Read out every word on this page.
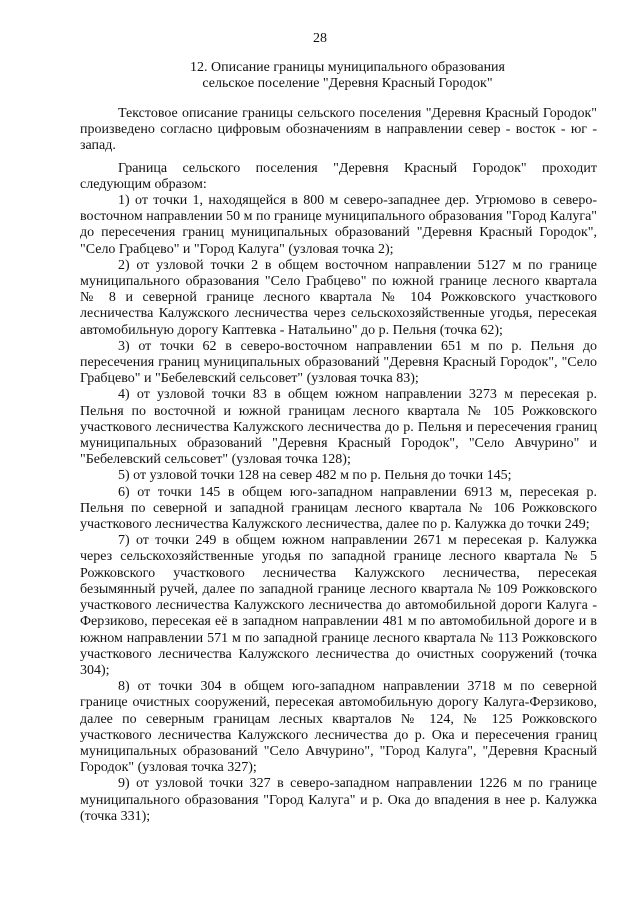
28
12. Описание границы муниципального образования
сельское поселение "Деревня Красный Городок"

Текстовое описание границы сельского поселения "Деревня Красный Городок" произведено согласно цифровым обозначениям в направлении север - восток - юг - запад.

Граница сельского поселения "Деревня Красный Городок" проходит следующим образом:

1) от точки 1, находящейся в 800 м северо-западнее дер. Угрюмово в северо-восточном направлении 50 м по границе муниципального образования "Город Калуга" до пересечения границ муниципальных образований "Деревня Красный Городок", "Село Грабцево" и "Город Калуга" (узловая точка 2);

2) от узловой точки 2 в общем восточном направлении 5127 м по границе муниципального образования "Село Грабцево" по южной границе лесного квартала № 8 и северной границе лесного квартала № 104 Рожковского участкового лесничества Калужского лесничества через сельскохозяйственные угодья, пересекая автомобильную дорогу Каптевка - Натальино" до р. Пельня (точка 62);

3) от точки 62 в северо-восточном направлении 651 м по р. Пельня до пересечения границ муниципальных образований "Деревня Красный Городок", "Село Грабцево" и "Бебелевский сельсовет" (узловая точка 83);

4) от узловой точки 83 в общем южном направлении 3273 м пересекая р. Пельня по восточной и южной границам лесного квартала № 105 Рожковского участкового лесничества Калужского лесничества до р. Пельня и пересечения границ муниципальных образований "Деревня Красный Городок", "Село Авчурино" и "Бебелевский сельсовет" (узловая точка 128);

5) от узловой точки 128 на север 482 м по р. Пельня до точки 145;

6) от точки 145 в общем юго-западном направлении 6913 м, пересекая р. Пельня по северной и западной границам лесного квартала № 106 Рожковского участкового лесничества Калужского лесничества, далее по р. Калужка до точки 249;

7) от точки 249 в общем южном направлении 2671 м пересекая р. Калужка через сельскохозяйственные угодья по западной границе лесного квартала № 5 Рожковского участкового лесничества Калужского лесничества, пересекая безымянный ручей, далее по западной границе лесного квартала № 109 Рожковского участкового лесничества Калужского лесничества до автомобильной дороги Калуга - Ферзиково, пересекая её в западном направлении 481 м по автомобильной дороге и в южном направлении 571 м по западной границе лесного квартала № 113 Рожковского участкового лесничества Калужского лесничества до очистных сооружений (точка 304);

8) от точки 304 в общем юго-западном направлении 3718 м по северной границе очистных сооружений, пересекая автомобильную дорогу Калуга-Ферзиково, далее по северным границам лесных кварталов № 124, № 125 Рожковского участкового лесничества Калужского лесничества до р. Ока и пересечения границ муниципальных образований "Село Авчурино", "Город Калуга", "Деревня Красный Городок" (узловая точка 327);

9) от узловой точки 327 в северо-западном направлении 1226 м по границе муниципального образования "Город Калуга" и р. Ока до впадения в нее р. Калужка (точка 331);
